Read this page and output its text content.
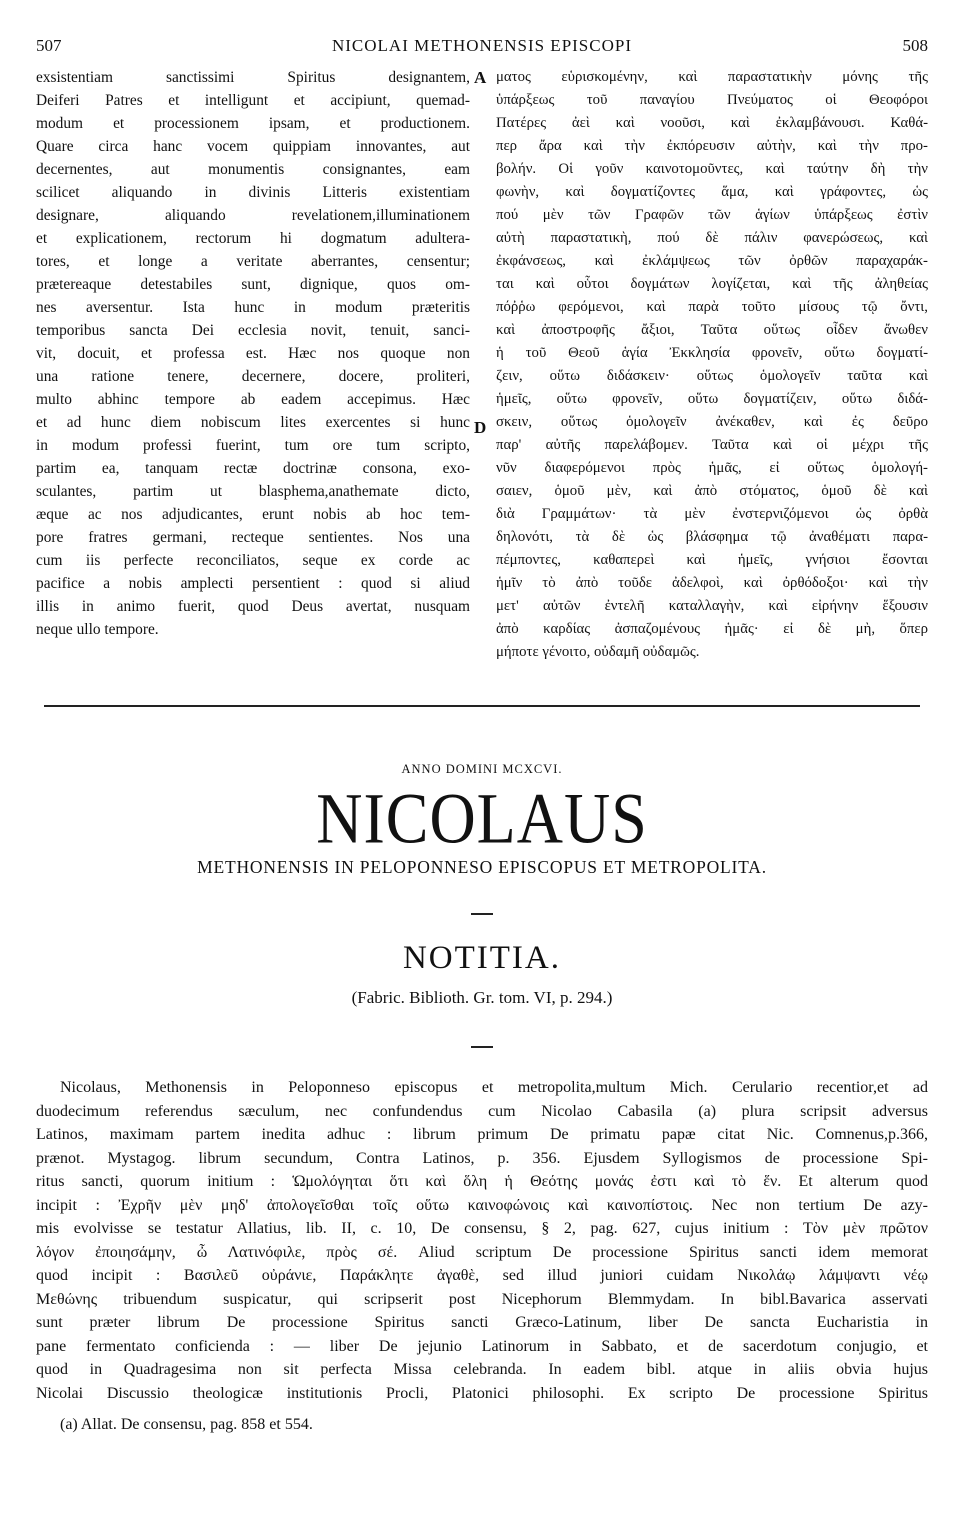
507	NICOLAI METHONENSIS EPISCOPI	508
exsistentiam sanctissimi Spiritus designantem,
Deiferi Patres et intelligunt et accipiunt, quemad-
modum et processionem ipsam, et productionem.
Quare circa hanc vocem quippiam innovantes, aut
decernentes, aut monumentis consignantes, eam
scilicet aliquando in divinis Litteris existentiam
designare, aliquando revelationem,illuminationem
et explicationem, rectorum hi dogmatum adultera-
tores, et longe a veritate aberrantes, censentur;
prætereaque detestabiles sunt, dignique, quos om-
nes aversentur. Ista hunc in modum præteritis
temporibus sancta Dei ecclesia novit, tenuit, sanci-
vit, docuit, et professa est. Hæc nos quoque non
una ratione tenere, decernere, docere, proliteri,
multo abhinc tempore ab eadem accepimus. Hæc
et ad hunc diem nobiscum lites exercentes si hunc
in modum professi fuerint, tum ore tum scripto,
partim ea, tanquam rectæ doctrinæ consona, exo-
sculantes, partim ut blasphema,anathemate dicto,
æque ac nos adjudicantes, erunt nobis ab hoc tem-
pore fratres germani, recteque sentientes. Nos una
cum iis perfecte reconciliatos, seque ex corde ac
pacifice a nobis amplecti persentient : quod si aliud
illis in animo fuerit, quod Deus avertat, nusquam
neque ullo tempore.
A
D
ματος εὑρισκομένην, καὶ παραστατικὴν μόνης τῆς
ὑπάρξεως τοῦ παναγίου Πνεύματος οἱ Θεοφόροι
Πατέρες ἀεὶ καὶ νοοῦσι, καὶ ἐκλαμβάνουσι. Καθά-
περ ἄρα καὶ τὴν ἐκπόρευσιν αὐτὴν, καὶ τὴν προ-
βολήν. Οἱ γοῦν καινοτομοῦντες, καὶ ταύτην δὴ τὴν
φωνὴν, καὶ δογματίζοντες ἅμα, καὶ γράφοντες, ὡς
πού μὲν τῶν Γραφῶν τῶν ἁγίων ὑπάρξεως ἐστὶν
αὐτὴ παραστατικὴ, πού δὲ πάλιν φανερώσεως, καὶ
ἐκφάνσεως, καὶ ἐκλάμψεως τῶν ὀρθῶν παραχαράκ-
ται καὶ οὗτοι δογμάτων λογίζεται, καὶ τῆς ἀληθείας
πόῤῥω φερόμενοι, καὶ παρὰ τοῦτο μίσους τῷ ὄντι,
καὶ ἀποστροφῆς ἄξιοι, Ταῦτα οὕτως οἶδεν ἄνωθεν
ἡ τοῦ Θεοῦ ἁγία Ἐκκλησία φρονεῖν, οὕτω δογματί-
ζειν, οὕτω διδάσκειν· οὕτως ὁμολογεῖν ταῦτα καὶ
ἡμεῖς, οὕτω φρονεῖν, οὕτω δογματίζειν, οὕτω διδά-
σκειν, οὕτως ὁμολογεῖν ἀνέκαθεν, καὶ ἐς δεῦρο
παρ' αὐτῆς παρελάβομεν. Ταῦτα καὶ οἱ μέχρι τῆς
νῦν διαφερόμενοι πρὸς ἡμᾶς, εἰ οὕτως ὁμολογή-
σαιεν, ὁμοῦ μὲν, καὶ ἀπὸ στόματος, ὁμοῦ δὲ καὶ
διὰ Γραμμάτων· τὰ μὲν ἐνστερνιζόμενοι ὡς ὀρθὰ
δηλονότι, τὰ δὲ ὡς βλάσφημα τῷ ἀναθέματι παρα-
πέμποντες, καθαπερεὶ καὶ ἡμεῖς, γνήσιοι ἔσονται
ἡμῖν τὸ ἀπὸ τοῦδε ἀδελφοὶ, καὶ ὀρθόδοξοι· καὶ τὴν
μετ' αὐτῶν ἐντελῆ καταλλαγὴν, καὶ εἰρήνην ἕξουσιν
ἀπὸ καρδίας ἀσπαζομένους ἡμᾶς· εἰ δὲ μὴ, ὅπερ
μήποτε γένοιτο, οὐδαμῆ οὐδαμῶς.
ANNO DOMINI MCXCVI.
NICOLAUS
METHONENSIS IN PELOPONNESO EPISCOPUS ET METROPOLITA.
NOTITIA.
(Fabric. Biblioth. Gr. tom. VI, p. 294.)
Nicolaus, Methonensis in Peloponneso episcopus et metropolita,multum Mich. Cerulario recentior,et ad
duodecimum referendus sæculum, nec confundendus cum Nicolao Cabasila (a) plura scripsit adversus
Latinos, maximam partem inedita adhuc : librum primum De primatu papæ citat Nic. Comnenus,p.366,
prænot. Mystagog. librum secundum, Contra Latinos, p. 356. Ejusdem Syllogismos de processione Spi-
ritus sancti, quorum initium : Ὡμολόγηται ὅτι καὶ ὅλη ἡ Θεότης μονάς ἐστι καὶ τὸ ἕν. Et alterum quod
incipit : Ἐχρῆν μὲν μηδ' ἀπολογεῖσθαι τοῖς οὕτω καινοφώνοις καὶ καινοπίστοις. Nec non tertium De azy-
mis evolvisse se testatur Allatius, lib. II, c. 10, De consensu, § 2, pag. 627, cujus initium : Τὸν μὲν πρῶτον
λόγον ἐποιησάμην, ὦ Λατινόφιλε, πρὸς σέ. Aliud scriptum De processione Spiritus sancti idem memorat
quod incipit : Βασιλεῦ οὐράνιε, Παράκλητε ἀγαθὲ, sed illud juniori cuidam Νικολάῳ λάμψαντι νέῳ
Μεθώνης tribuendum suspicatur, qui scripserit post Nicephorum Blemmydam. In bibl.Bavarica asservati
sunt præter librum De processione Spiritus sancti Græco-Latinum, liber De sancta Eucharistia in
pane fermentato conficienda : — liber De jejunio Latinorum in Sabbato, et de sacerdotum conjugio, et
quod in Quadragesima non sit perfecta Missa celebranda. In eadem bibl. atque in aliis obvia hujus
Nicolai Discussio theologicæ institutionis Procli, Platonici philosophi. Ex scripto De processione Spiritus
(a) Allat. De consensu, pag. 858 et 554.
